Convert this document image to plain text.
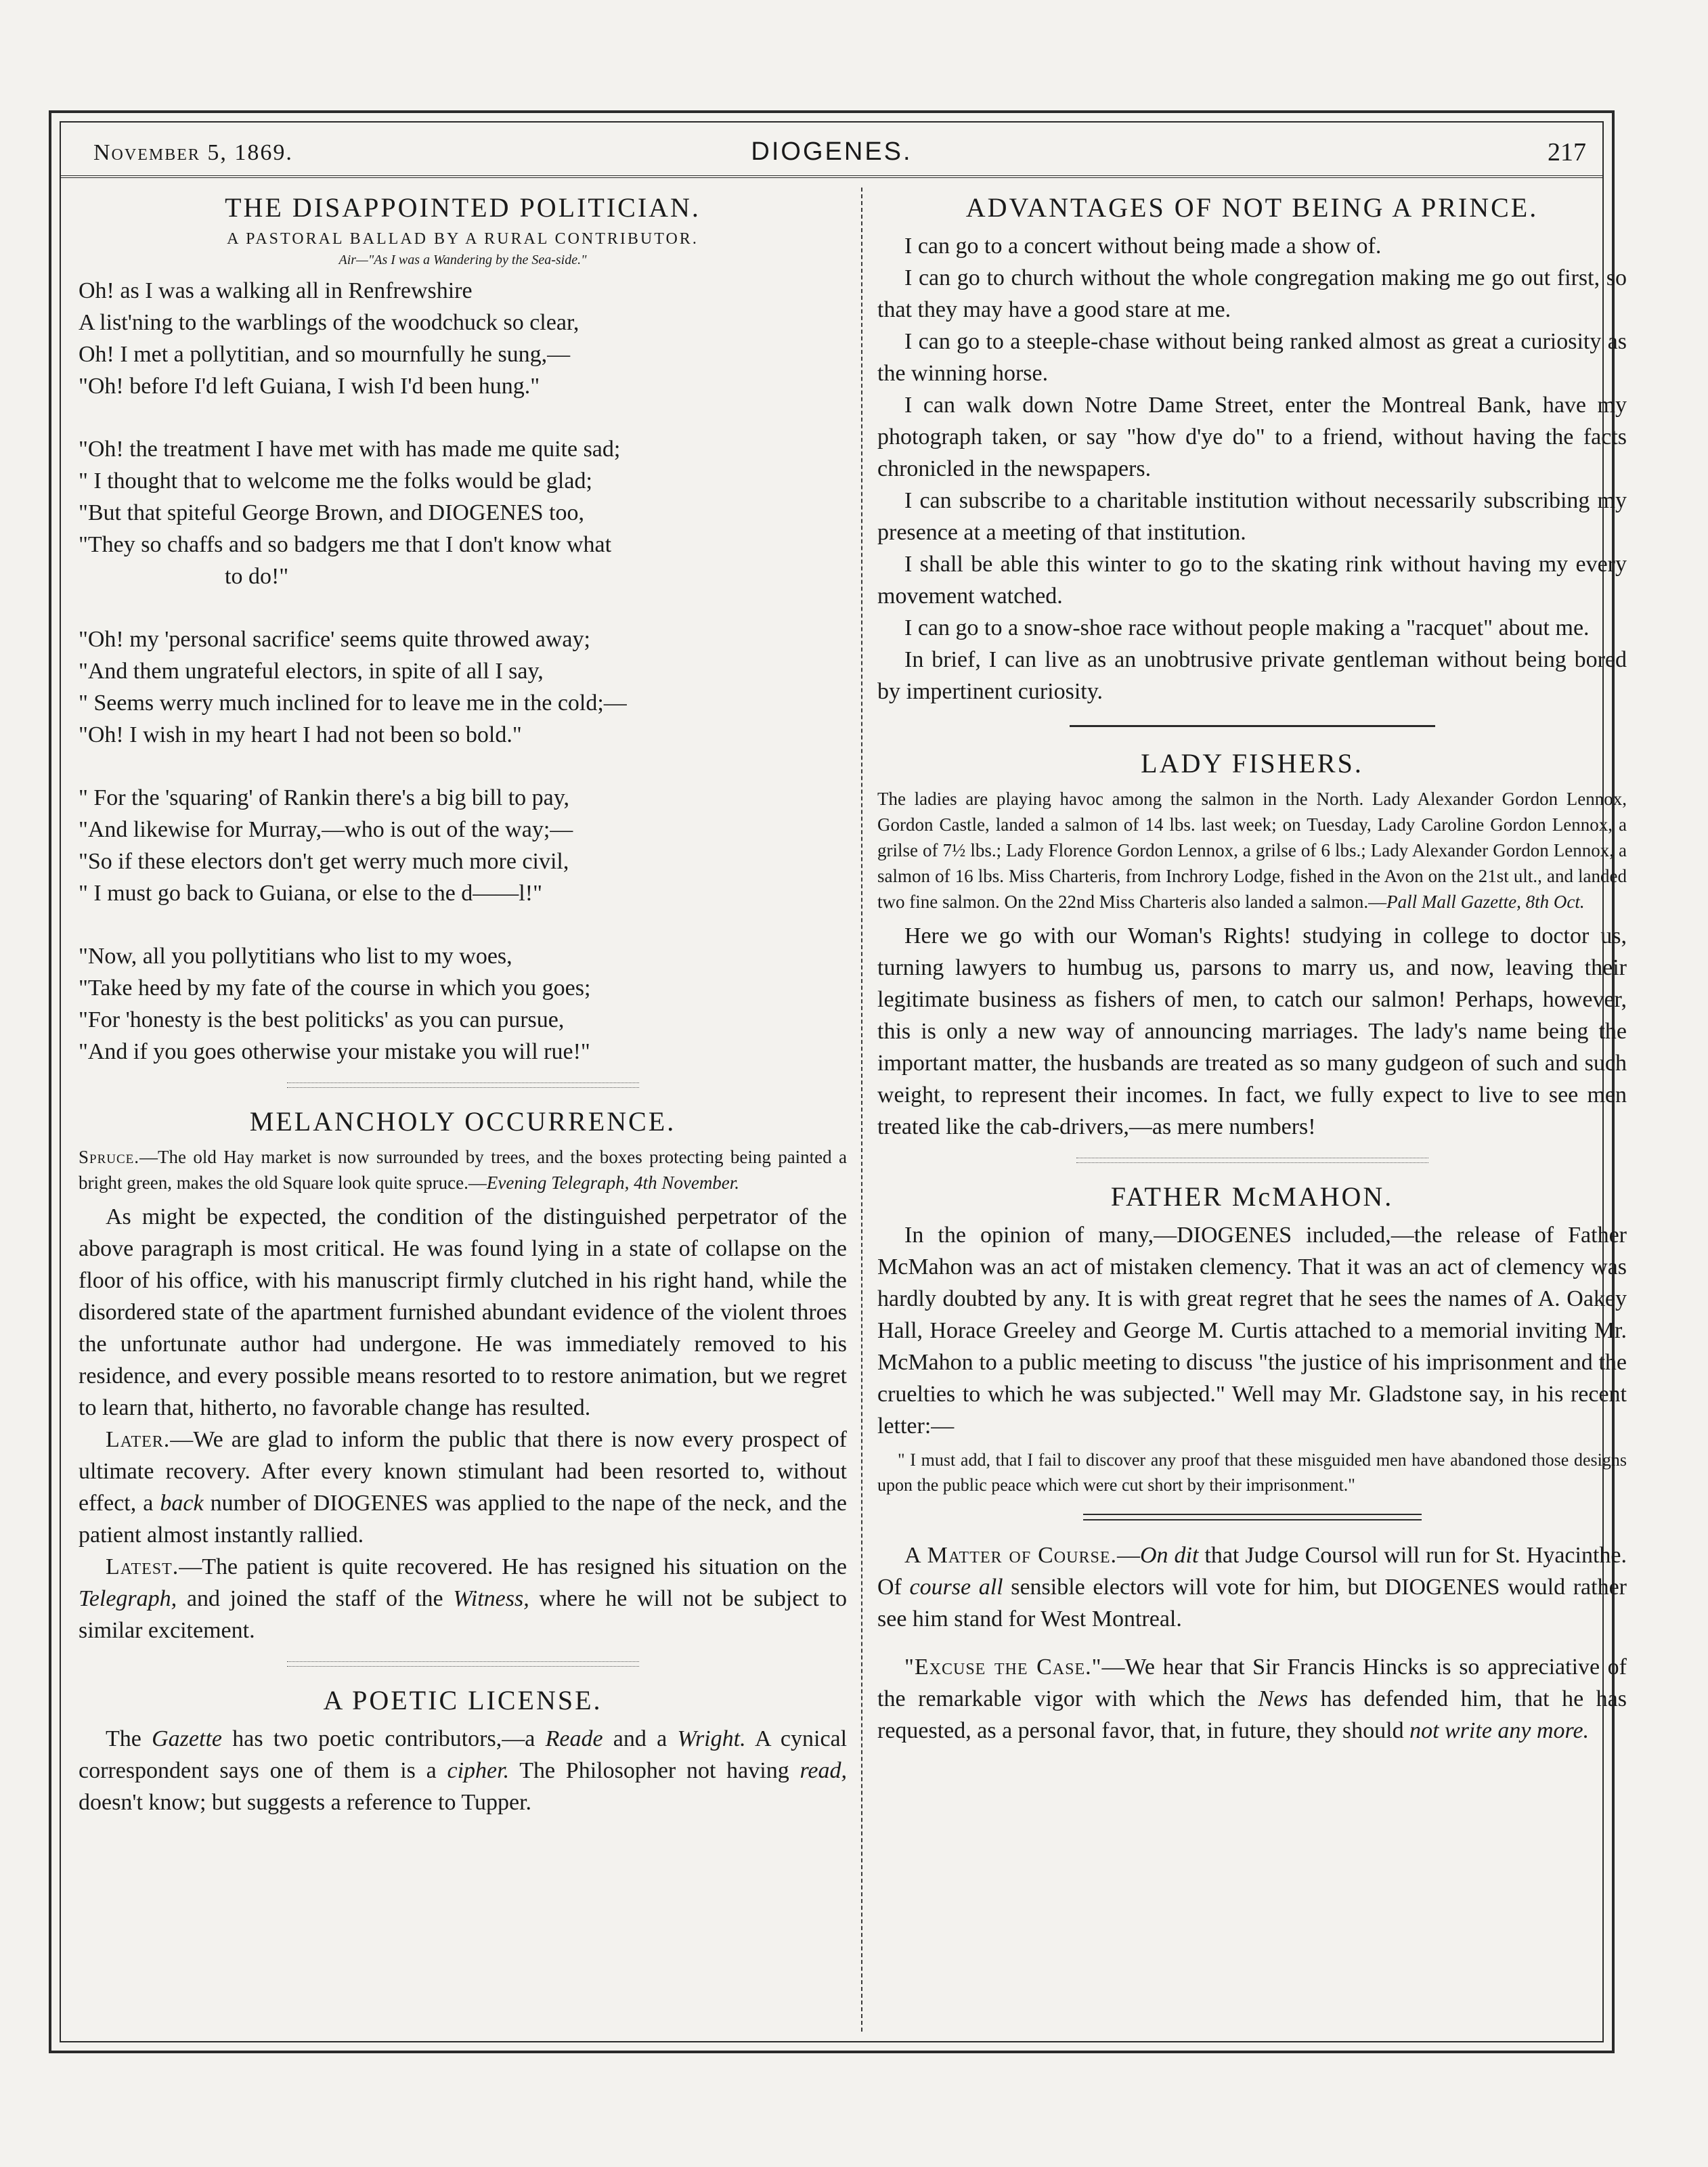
November 5, 1869.	DIOGENES.	217
THE DISAPPOINTED POLITICIAN.
A PASTORAL BALLAD BY A RURAL CONTRIBUTOR.
Air—"As I was a Wandering by the Sea-side."

Oh! as I was a walking all in Renfrewshire

A list'ning to the warblings of the woodchuck so clear,

Oh! I met a pollytitian, and so mournfully he sung,—

"Oh! before I'd left Guiana, I wish I'd been hung."

"Oh! the treatment I have met with has made me quite sad;

" I thought that to welcome me the folks would be glad;

"But that spiteful George Brown, and DIOGENES too,

"They so chaffs and so badgers me that I don't know what

to do!"

"Oh! my 'personal sacrifice' seems quite throwed away;

"And them ungrateful electors, in spite of all I say,

" Seems werry much inclined for to leave me in the cold;—

"Oh! I wish in my heart I had not been so bold."

" For the 'squaring' of Rankin there's a big bill to pay,

"And likewise for Murray,—who is out of the way;—

"So if these electors don't get werry much more civil,

" I must go back to Guiana, or else to the d——l!"

"Now, all you pollytitians who list to my woes,

"Take heed by my fate of the course in which you goes;

"For 'honesty is the best politicks' as you can pursue,

"And if you goes otherwise your mistake you will rue!"

MELANCHOLY OCCURRENCE.

Spruce.—The old Hay market is now surrounded by trees, and the boxes protecting being painted a bright green, makes the old Square look quite spruce.—Evening Telegraph, 4th November.

As might be expected, the condition of the distinguished perpetrator of the above paragraph is most critical. He was found lying in a state of collapse on the floor of his office, with his manuscript firmly clutched in his right hand, while the disordered state of the apartment furnished abundant evidence of the violent throes the unfortunate author had undergone. He was immediately removed to his residence, and every possible means resorted to to restore animation, but we regret to learn that, hitherto, no favorable change has resulted.

Later.—We are glad to inform the public that there is now every prospect of ultimate recovery. After every known stimulant had been resorted to, without effect, a back number of DIOGENES was applied to the nape of the neck, and the patient almost instantly rallied.

Latest.—The patient is quite recovered. He has resigned his situation on the Telegraph, and joined the staff of the Witness, where he will not be subject to similar excitement.

A POETIC LICENSE.

The Gazette has two poetic contributors,—a Reade and a Wright. A cynical correspondent says one of them is a cipher. The Philosopher not having read, doesn't know; but suggests a reference to Tupper.

ADVANTAGES OF NOT BEING A PRINCE.

I can go to a concert without being made a show of.

I can go to church without the whole congregation making me go out first, so that they may have a good stare at me.

I can go to a steeple-chase without being ranked almost as great a curiosity as the winning horse.

I can walk down Notre Dame Street, enter the Montreal Bank, have my photograph taken, or say "how d'ye do" to a friend, without having the facts chronicled in the newspapers.

I can subscribe to a charitable institution without necessarily subscribing my presence at a meeting of that institution.

I shall be able this winter to go to the skating rink without having my every movement watched.

I can go to a snow-shoe race without people making a "racquet" about me.

In brief, I can live as an unobtrusive private gentleman without being bored by impertinent curiosity.

LADY FISHERS.

The ladies are playing havoc among the salmon in the North. Lady Alexander Gordon Lennox, Gordon Castle, landed a salmon of 14 lbs. last week; on Tuesday, Lady Caroline Gordon Lennox, a grilse of 7½ lbs.; Lady Florence Gordon Lennox, a grilse of 6 lbs.; Lady Alexander Gordon Lennox, a salmon of 16 lbs. Miss Charteris, from Inchrory Lodge, fished in the Avon on the 21st ult., and landed two fine salmon. On the 22nd Miss Charteris also landed a salmon.—Pall Mall Gazette, 8th Oct.

Here we go with our Woman's Rights! studying in college to doctor us, turning lawyers to humbug us, parsons to marry us, and now, leaving their legitimate business as fishers of men, to catch our salmon! Perhaps, however, this is only a new way of announcing marriages. The lady's name being the important matter, the husbands are treated as so many gudgeon of such and such weight, to represent their incomes. In fact, we fully expect to live to see men treated like the cab-drivers,—as mere numbers!

FATHER McMAHON.

In the opinion of many,—DIOGENES included,—the release of Father McMahon was an act of mistaken clemency. That it was an act of clemency was hardly doubted by any. It is with great regret that he sees the names of A. Oakey Hall, Horace Greeley and George M. Curtis attached to a memorial inviting Mr. McMahon to a public meeting to discuss "the justice of his imprisonment and the cruelties to which he was subjected." Well may Mr. Gladstone say, in his recent letter:—

" I must add, that I fail to discover any proof that these misguided men have abandoned those designs upon the public peace which were cut short by their imprisonment."

A Matter of Course.—On dit that Judge Coursol will run for St. Hyacinthe. Of course all sensible electors will vote for him, but DIOGENES would rather see him stand for West Montreal.

"Excuse the Case."—We hear that Sir Francis Hincks is so appreciative of the remarkable vigor with which the News has defended him, that he has requested, as a personal favor, that, in future, they should not write any more.
